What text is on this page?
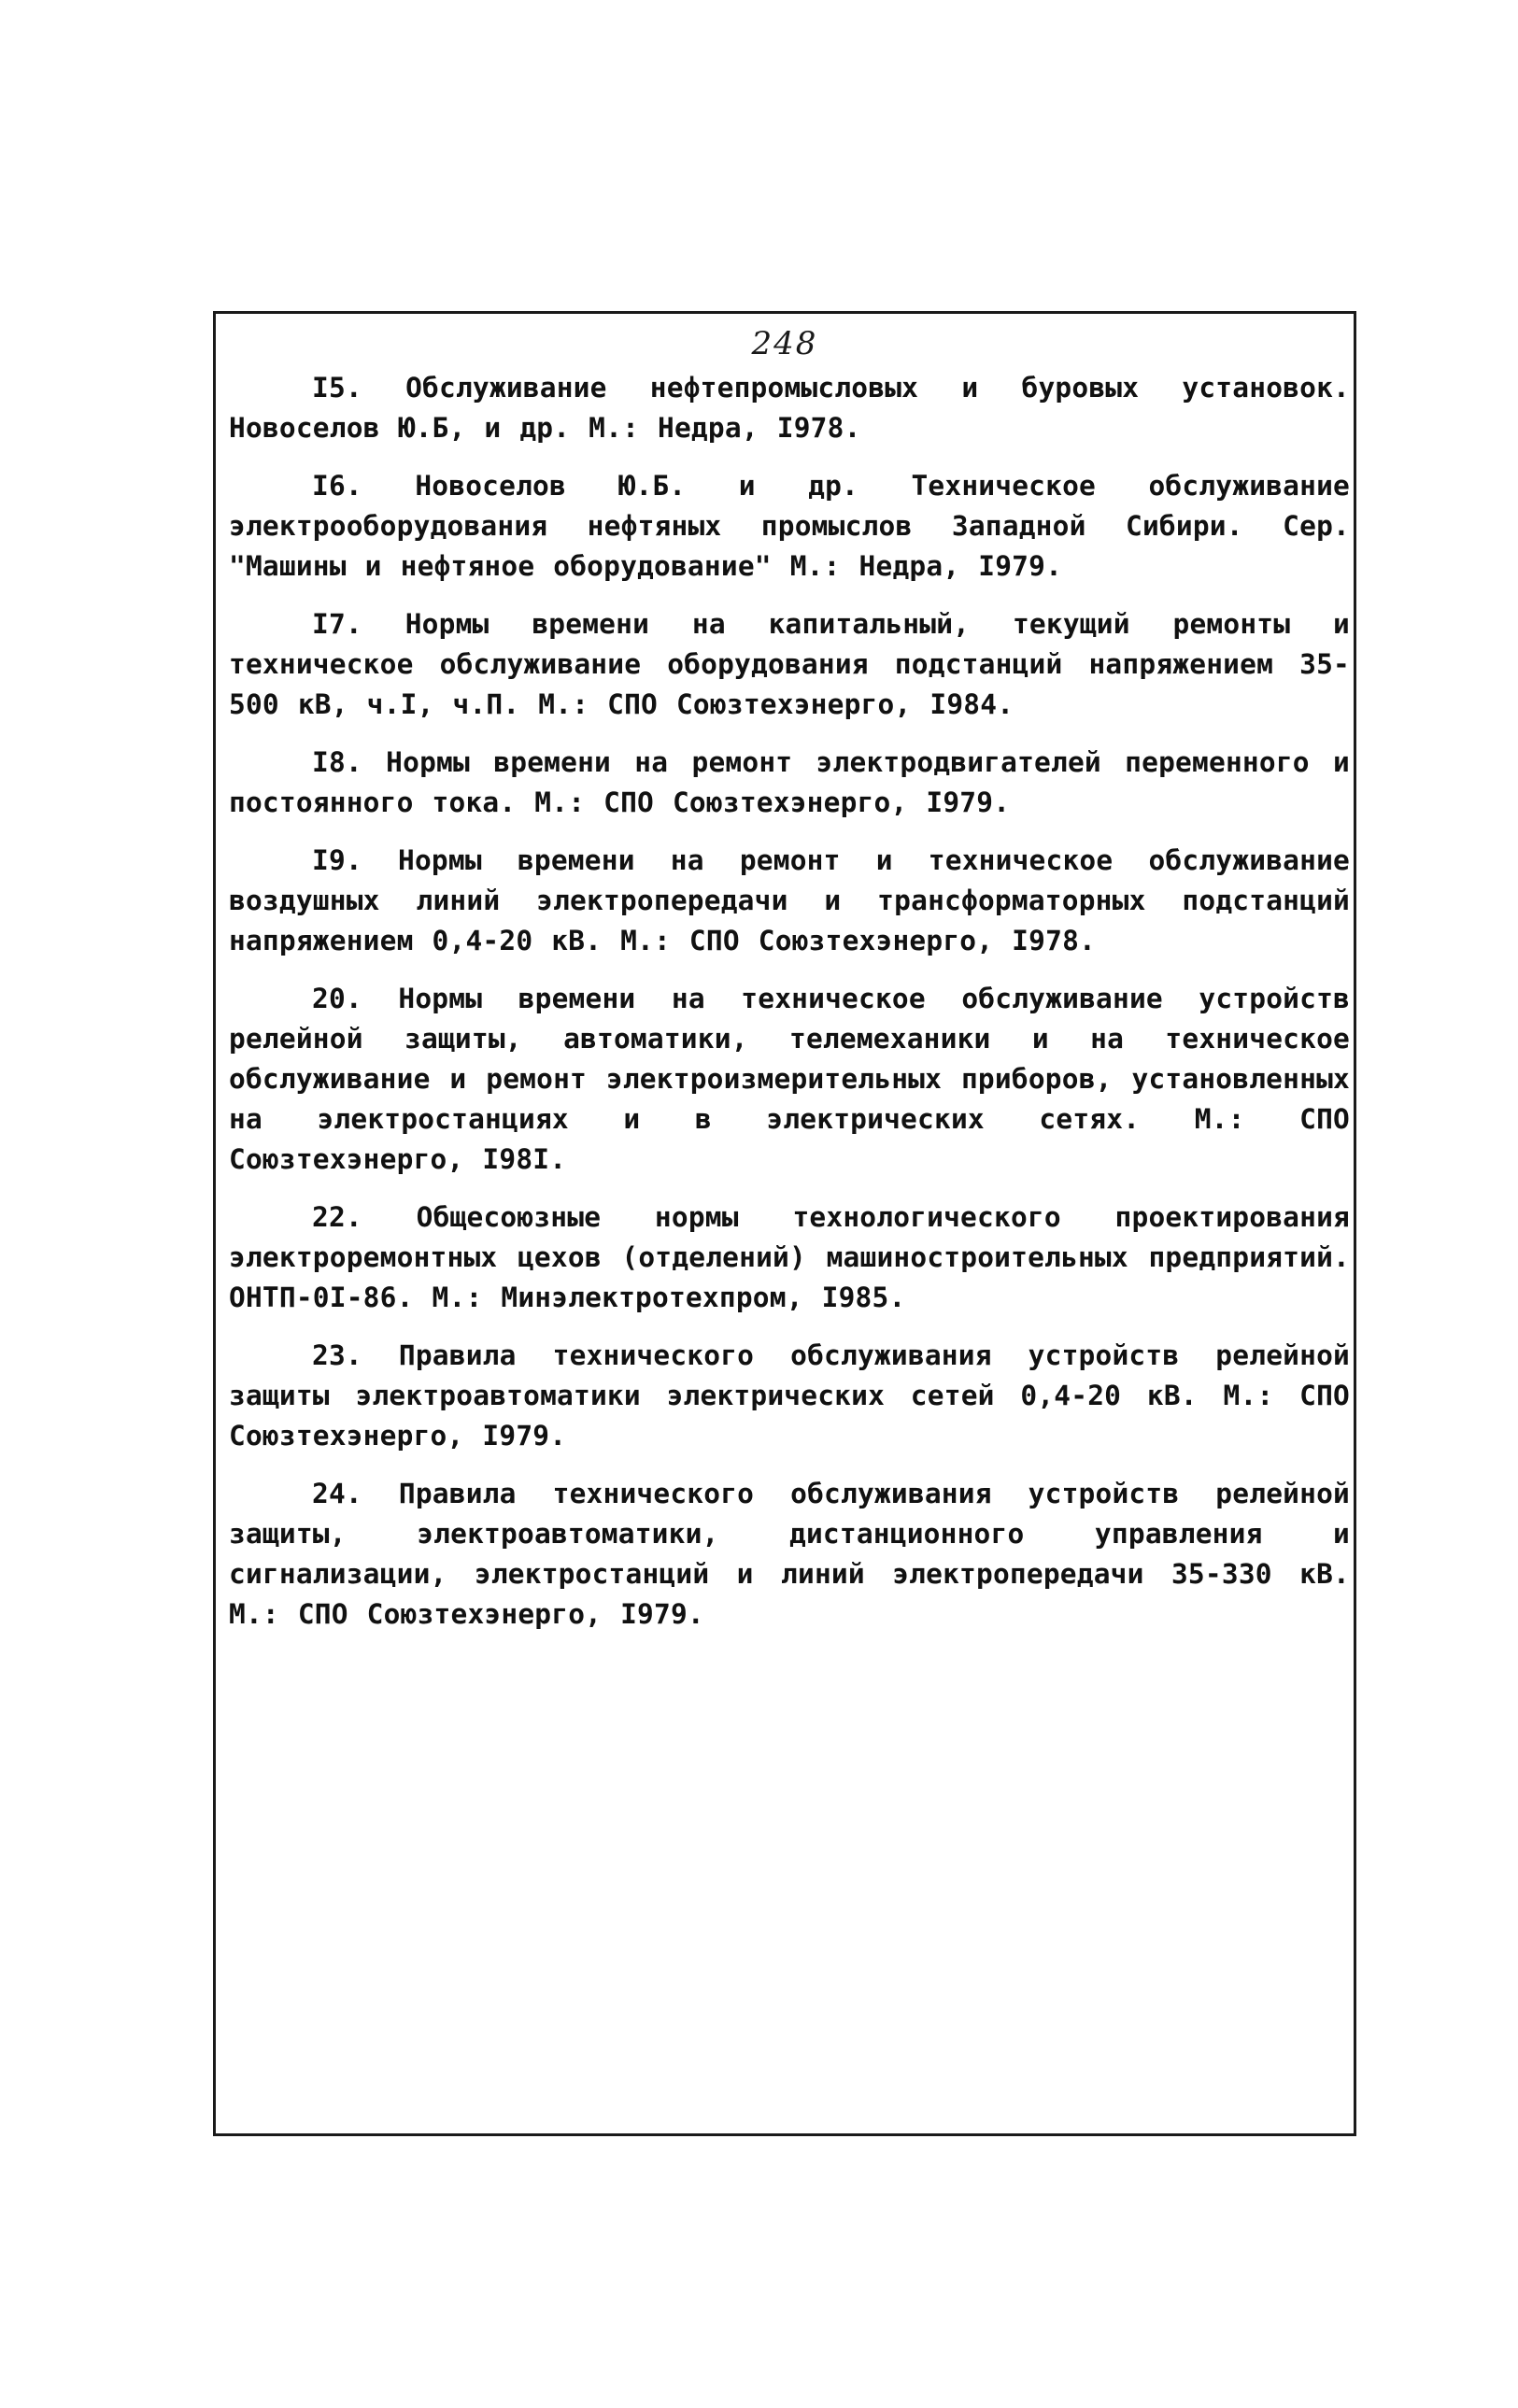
248

I5. Обслуживание нефтепромысловых и буровых установок. Новоселов Ю.Б, и др. М.: Недра, I978.

I6. Новоселов Ю.Б. и др. Техническое обслуживание электрооборудования нефтяных промыслов Западной Сибири. Сер. "Машины и нефтяное оборудование" М.: Недра, I979.

I7. Нормы времени на капитальный, текущий ремонты и техническое обслуживание оборудования подстанций напряжением 35-500 кВ, ч.I, ч.П. М.: СПО Союзтехэнерго, I984.

I8. Нормы времени на ремонт электродвигателей переменного и постоянного тока. М.: СПО Союзтехэнерго, I979.

I9. Нормы времени на ремонт и техническое обслуживание воздушных линий электропередачи и трансформаторных подстанций напряжением 0,4-20 кВ. М.: СПО Союзтехэнерго, I978.

20. Нормы времени на техническое обслуживание устройств релейной защиты, автоматики, телемеханики и на техническое обслуживание и ремонт электроизмерительных приборов, установленных на электростанциях и в электрических сетях. М.: СПО Союзтехэнерго, I98I.

22. Общесоюзные нормы технологического проектирования электроремонтных цехов (отделений) машиностроительных предприятий. ОНТП-0I-86. М.: Минэлектротехпром, I985.

23. Правила технического обслуживания устройств релейной защиты электроавтоматики электрических сетей 0,4-20 кВ. М.: СПО Союзтехэнерго, I979.

24. Правила технического обслуживания устройств релейной защиты, электроавтоматики, дистанционного управления и сигнализации, электростанций и линий электропередачи 35-330 кВ. М.: СПО Союзтехэнерго, I979.
